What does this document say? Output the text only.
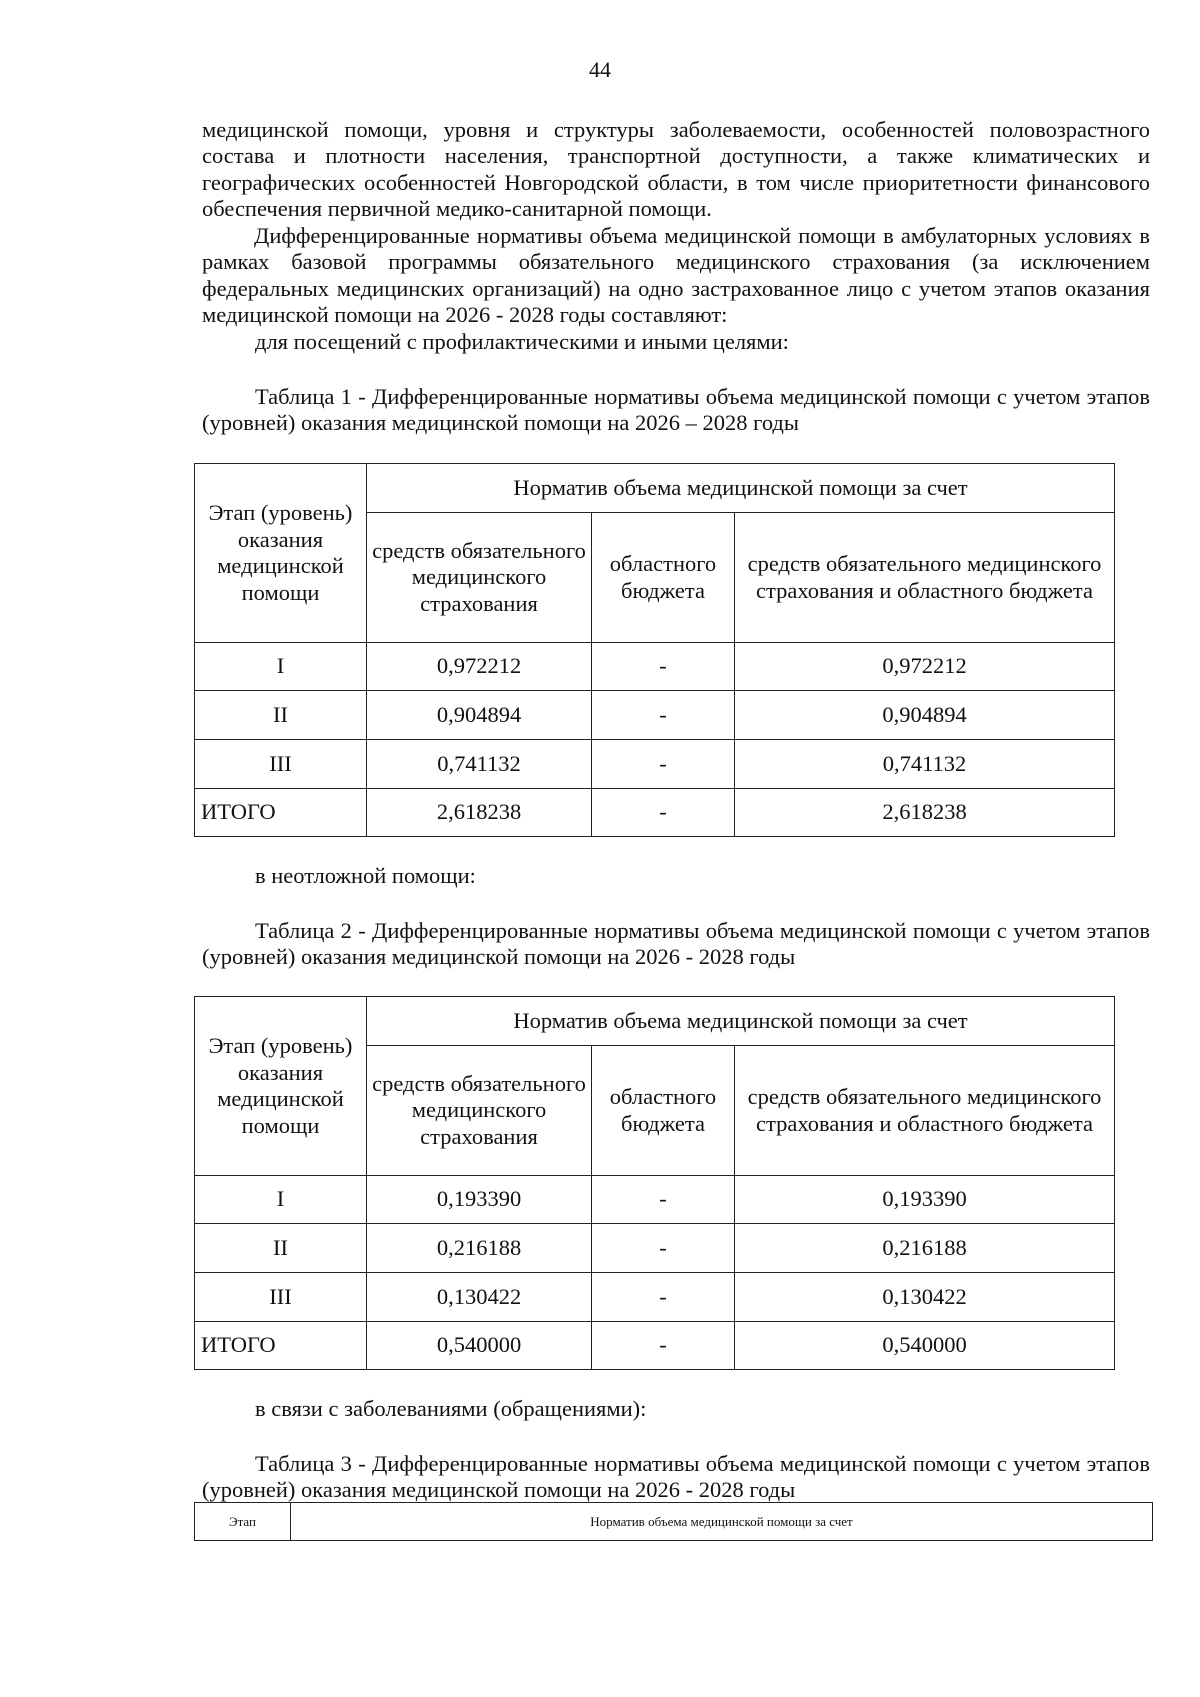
44
медицинской помощи, уровня и структуры заболеваемости, особенностей половозрастного состава и плотности населения, транспортной доступности, а также климатических и географических особенностей Новгородской области, в том числе приоритетности финансового обеспечения первичной медико-санитарной помощи.
Дифференцированные нормативы объема медицинской помощи в амбулаторных условиях в рамках базовой программы обязательного медицинского страхования (за исключением федеральных медицинских организаций) на одно застрахованное лицо с учетом этапов оказания медицинской помощи на 2026 - 2028 годы составляют:
для посещений с профилактическими и иными целями:
Таблица 1 - Дифференцированные нормативы объема медицинской помощи с учетом этапов (уровней) оказания медицинской помощи на 2026 – 2028 годы
Этап (уровень) оказания медицинской помощи	Норматив объема медицинской помощи за счет		
	средств обязательного медицинского страхования	областного бюджета	средств обязательного медицинского страхования и областного бюджета
I	0,972212	-	0,972212
II	0,904894	-	0,904894
III	0,741132	-	0,741132
ИТОГО	2,618238	-	2,618238
в неотложной помощи:
Таблица 2 - Дифференцированные нормативы объема медицинской помощи с учетом этапов (уровней) оказания медицинской помощи на 2026 - 2028 годы
Этап (уровень) оказания медицинской помощи	Норматив объема медицинской помощи за счет		
	средств обязательного медицинского страхования	областного бюджета	средств обязательного медицинского страхования и областного бюджета
I	0,193390	-	0,193390
II	0,216188	-	0,216188
III	0,130422	-	0,130422
ИТОГО	0,540000	-	0,540000
в связи с заболеваниями (обращениями):
Таблица 3 - Дифференцированные нормативы объема медицинской помощи с учетом этапов (уровней) оказания медицинской помощи на 2026 - 2028 годы
Этап	Норматив объема медицинской помощи за счет
